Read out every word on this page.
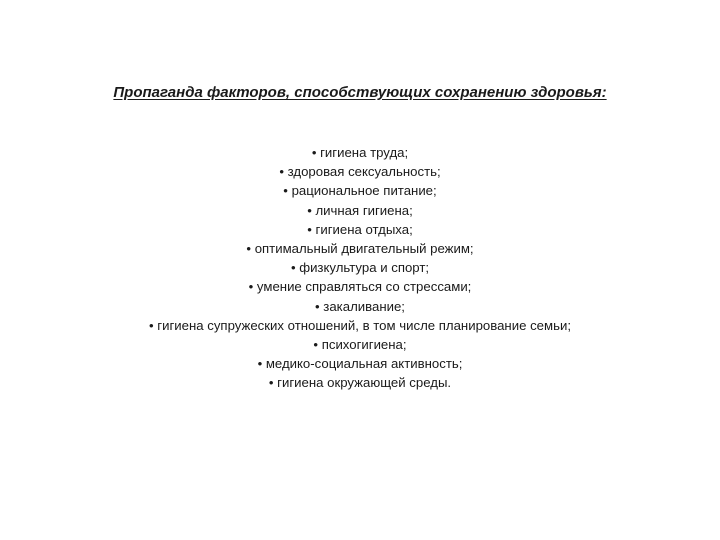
Пропаганда факторов, способствующих сохранению здоровья:
• гигиена труда;
• здоровая сексуальность;
• рациональное питание;
• личная гигиена;
• гигиена отдыха;
• оптимальный двигательный режим;
• физкультура и спорт;
• умение справляться со стрессами;
• закаливание;
• гигиена супружеских отношений, в том числе планирование семьи;
• психогигиена;
• медико-социальная активность;
• гигиена окружающей среды.
